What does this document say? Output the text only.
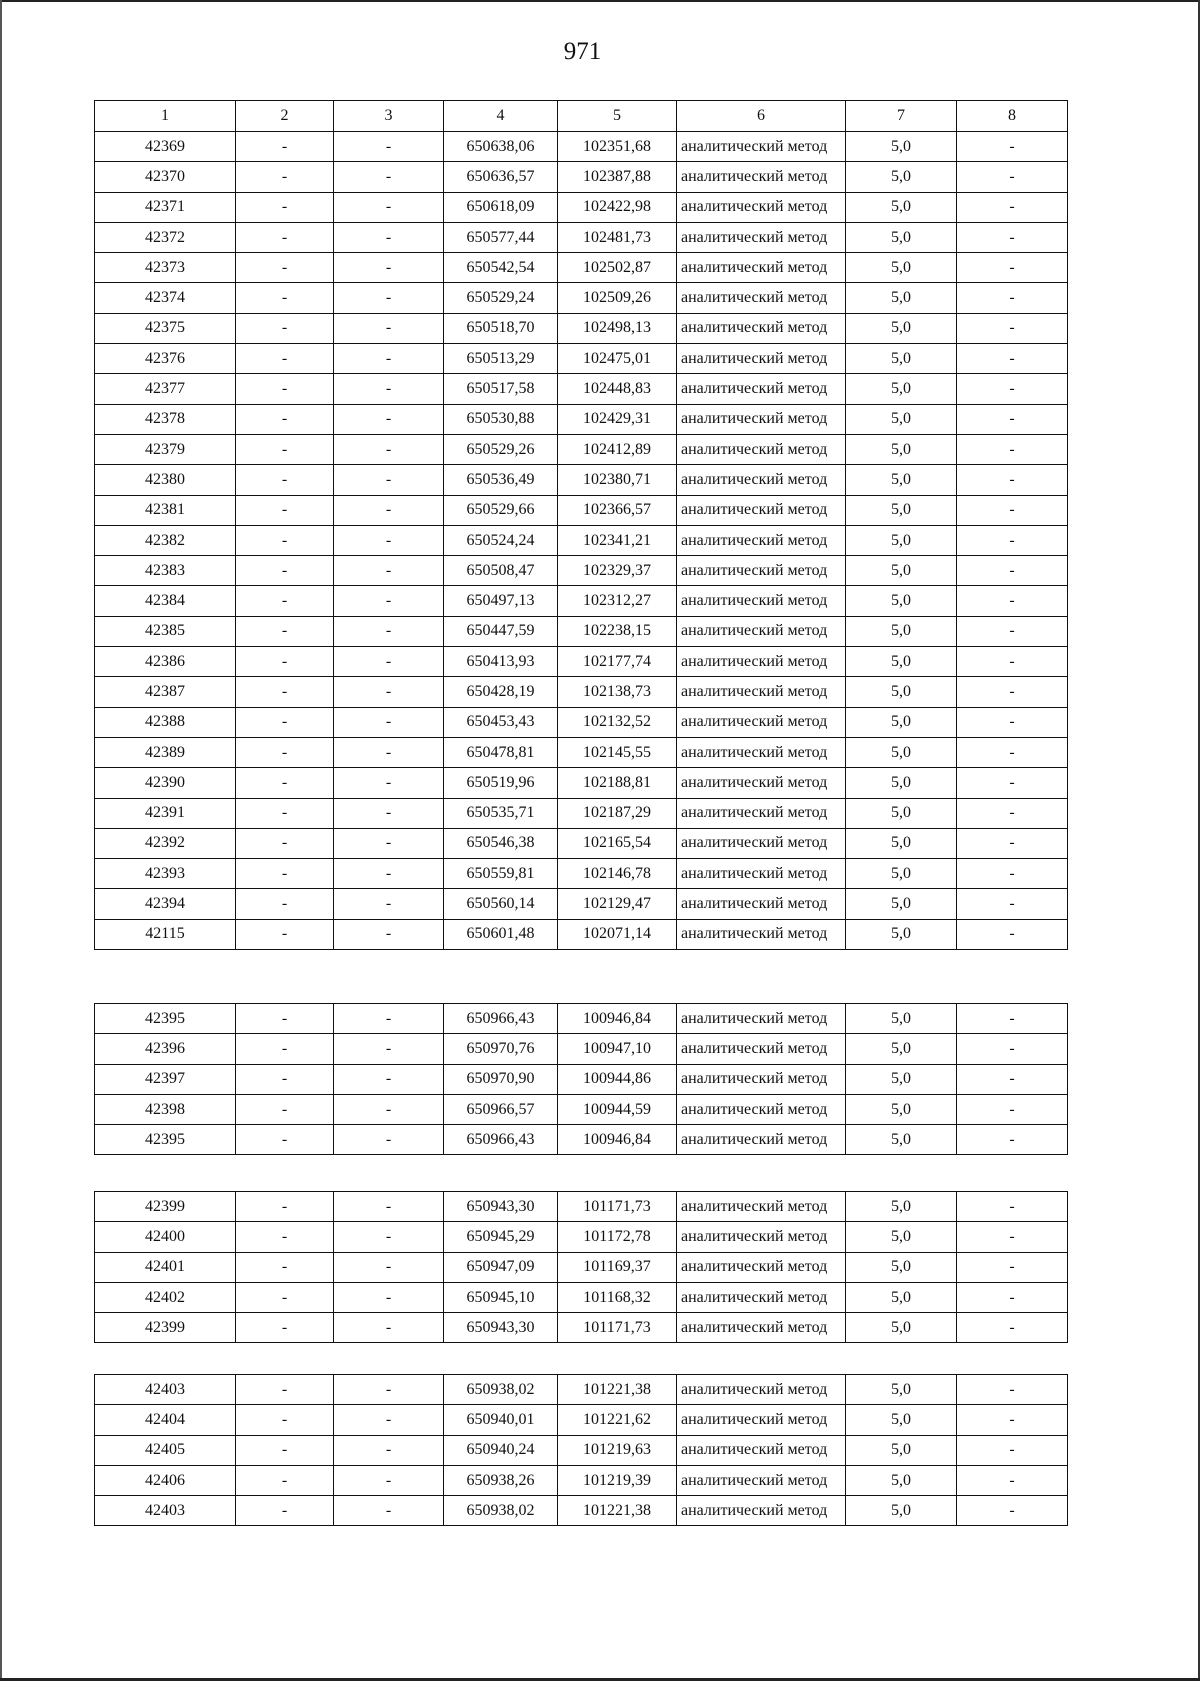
971
1	2	3	4	5	6	7	8
42369	-	-	650638,06	102351,68	аналитический метод	5,0	-
42370	-	-	650636,57	102387,88	аналитический метод	5,0	-
42371	-	-	650618,09	102422,98	аналитический метод	5,0	-
42372	-	-	650577,44	102481,73	аналитический метод	5,0	-
42373	-	-	650542,54	102502,87	аналитический метод	5,0	-
42374	-	-	650529,24	102509,26	аналитический метод	5,0	-
42375	-	-	650518,70	102498,13	аналитический метод	5,0	-
42376	-	-	650513,29	102475,01	аналитический метод	5,0	-
42377	-	-	650517,58	102448,83	аналитический метод	5,0	-
42378	-	-	650530,88	102429,31	аналитический метод	5,0	-
42379	-	-	650529,26	102412,89	аналитический метод	5,0	-
42380	-	-	650536,49	102380,71	аналитический метод	5,0	-
42381	-	-	650529,66	102366,57	аналитический метод	5,0	-
42382	-	-	650524,24	102341,21	аналитический метод	5,0	-
42383	-	-	650508,47	102329,37	аналитический метод	5,0	-
42384	-	-	650497,13	102312,27	аналитический метод	5,0	-
42385	-	-	650447,59	102238,15	аналитический метод	5,0	-
42386	-	-	650413,93	102177,74	аналитический метод	5,0	-
42387	-	-	650428,19	102138,73	аналитический метод	5,0	-
42388	-	-	650453,43	102132,52	аналитический метод	5,0	-
42389	-	-	650478,81	102145,55	аналитический метод	5,0	-
42390	-	-	650519,96	102188,81	аналитический метод	5,0	-
42391	-	-	650535,71	102187,29	аналитический метод	5,0	-
42392	-	-	650546,38	102165,54	аналитический метод	5,0	-
42393	-	-	650559,81	102146,78	аналитический метод	5,0	-
42394	-	-	650560,14	102129,47	аналитический метод	5,0	-
42115	-	-	650601,48	102071,14	аналитический метод	5,0	-
42395	-	-	650966,43	100946,84	аналитический метод	5,0	-
42396	-	-	650970,76	100947,10	аналитический метод	5,0	-
42397	-	-	650970,90	100944,86	аналитический метод	5,0	-
42398	-	-	650966,57	100944,59	аналитический метод	5,0	-
42395	-	-	650966,43	100946,84	аналитический метод	5,0	-
42399	-	-	650943,30	101171,73	аналитический метод	5,0	-
42400	-	-	650945,29	101172,78	аналитический метод	5,0	-
42401	-	-	650947,09	101169,37	аналитический метод	5,0	-
42402	-	-	650945,10	101168,32	аналитический метод	5,0	-
42399	-	-	650943,30	101171,73	аналитический метод	5,0	-
42403	-	-	650938,02	101221,38	аналитический метод	5,0	-
42404	-	-	650940,01	101221,62	аналитический метод	5,0	-
42405	-	-	650940,24	101219,63	аналитический метод	5,0	-
42406	-	-	650938,26	101219,39	аналитический метод	5,0	-
42403	-	-	650938,02	101221,38	аналитический метод	5,0	-
